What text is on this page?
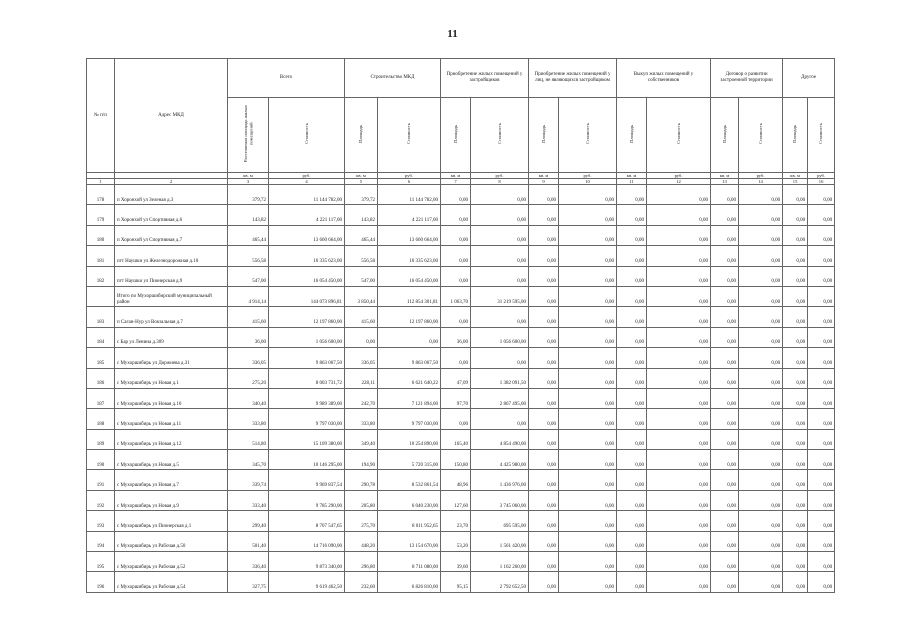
11
№ п/п	Адрес МКД	Всего		Строительство МКД		Приобретение жилых помещений у застройщиков		Приобретение жилых помещений у лиц, не являющихся застройщиком		Выкуп жилых помещений у собственников		Договор о развитии застроенной территории		Другое	
		Расселяемая площадь жилых помещений	Стоимость	Площадь	Стоимость	Площадь	Стоимость	Площадь	Стоимость	Площадь	Стоимость	Площадь	Стоимость	Площадь	Стоимость
		кв. м	руб.	кв. м	руб.	кв. м	руб.	кв. м	руб.	кв. м	руб.	кв. м	руб.	кв. м	руб.
1	2	3	4	5	6	7	8	9	10	11	12	13	14	15	16
178	п Хоронхой ул Зеленая д.3	379,72	11 144 782,00	379,72	11 144 782,00	0,00	0,00	0,00	0,00	0,00	0,00	0,00	0,00	0,00	0,00
179	п Хоронхой ул Спортивная д.6	143,82	4 221 117,00	143,82	4 221 117,00	0,00	0,00	0,00	0,00	0,00	0,00	0,00	0,00	0,00	0,00
180	п Хоронхой ул Спортивная д.7	465,44	13 660 664,00	465,44	13 660 664,00	0,00	0,00	0,00	0,00	0,00	0,00	0,00	0,00	0,00	0,00
181	пгт Наушки ул Железнодорожная д.10	556,58	16 335 623,00	556,58	16 335 623,00	0,00	0,00	0,00	0,00	0,00	0,00	0,00	0,00	0,00	0,00
182	пгт Наушки ул Пионерская д.9	547,00	16 054 450,00	547,00	16 054 450,00	0,00	0,00	0,00	0,00	0,00	0,00	0,00	0,00	0,00	0,00
	Итого по Мухоршибирский муниципальный район	4 914,14	144 073 896,81	3 850,44	112 854 301,81	1 063,70	31 219 595,00	0,00	0,00	0,00	0,00	0,00	0,00	0,00	0,00
183	п Саган-Нур ул Вокзальная д.7	415,60	12 197 860,00	415,60	12 197 860,00	0,00	0,00	0,00	0,00	0,00	0,00	0,00	0,00	0,00	0,00
184	с Бар ул Ленина д.309	36,00	1 056 600,00	0,00	0,00	36,00	1 056 600,00	0,00	0,00	0,00	0,00	0,00	0,00	0,00	0,00
185	с Мухоршибирь ул Доржиева д.31	336,05	9 863 067,50	336,05	9 863 067,50	0,00	0,00	0,00	0,00	0,00	0,00	0,00	0,00	0,00	0,00
186	с Мухоршибирь ул Новая д.1	275,20	8 003 731,72	228,11	6 621 640,22	47,09	1 382 091,50	0,00	0,00	0,00	0,00	0,00	0,00	0,00	0,00
187	с Мухоршибирь ул Новая д.10	340,40	9 989 389,00	242,70	7 121 894,00	97,70	2 867 495,00	0,00	0,00	0,00	0,00	0,00	0,00	0,00	0,00
188	с Мухоршибирь ул Новая д.11	333,80	9 797 030,00	333,80	9 797 030,00	0,00	0,00	0,00	0,00	0,00	0,00	0,00	0,00	0,00	0,00
189	с Мухоршибирь ул Новая д.12	514,80	15 109 380,00	349,40	10 254 890,00	165,40	4 854 490,00	0,00	0,00	0,00	0,00	0,00	0,00	0,00	0,00
190	с Мухоршибирь ул Новая д.5	345,70	10 146 295,00	194,90	5 720 315,00	150,80	4 425 980,00	0,00	0,00	0,00	0,00	0,00	0,00	0,00	0,00
191	с Мухоршибирь ул Новая д.7	339,74	9 969 837,54	290,78	8 532 861,54	48,96	1 436 976,00	0,00	0,00	0,00	0,00	0,00	0,00	0,00	0,00
192	с Мухоршибирь ул Новая д.9	333,40	9 785 290,00	205,80	6 040 230,00	127,60	3 745 060,00	0,00	0,00	0,00	0,00	0,00	0,00	0,00	0,00
193	с Мухоршибирь ул Пионерская д.1	299,40	8 707 547,65	275,70	8 011 952,65	23,70	695 595,00	0,00	0,00	0,00	0,00	0,00	0,00	0,00	0,00
194	с Мухоршибирь ул Рабочая д.50	501,40	14 716 090,00	448,20	13 154 670,00	53,20	1 561 420,00	0,00	0,00	0,00	0,00	0,00	0,00	0,00	0,00
195	с Мухоршибирь ул Рабочая д.52	336,40	9 873 340,00	296,80	8 711 080,00	39,60	1 162 260,00	0,00	0,00	0,00	0,00	0,00	0,00	0,00	0,00
196	с Мухоршибирь ул Рабочая д.54	327,75	9 619 462,50	232,60	6 826 810,00	95,15	2 792 652,50	0,00	0,00	0,00	0,00	0,00	0,00	0,00	0,00
